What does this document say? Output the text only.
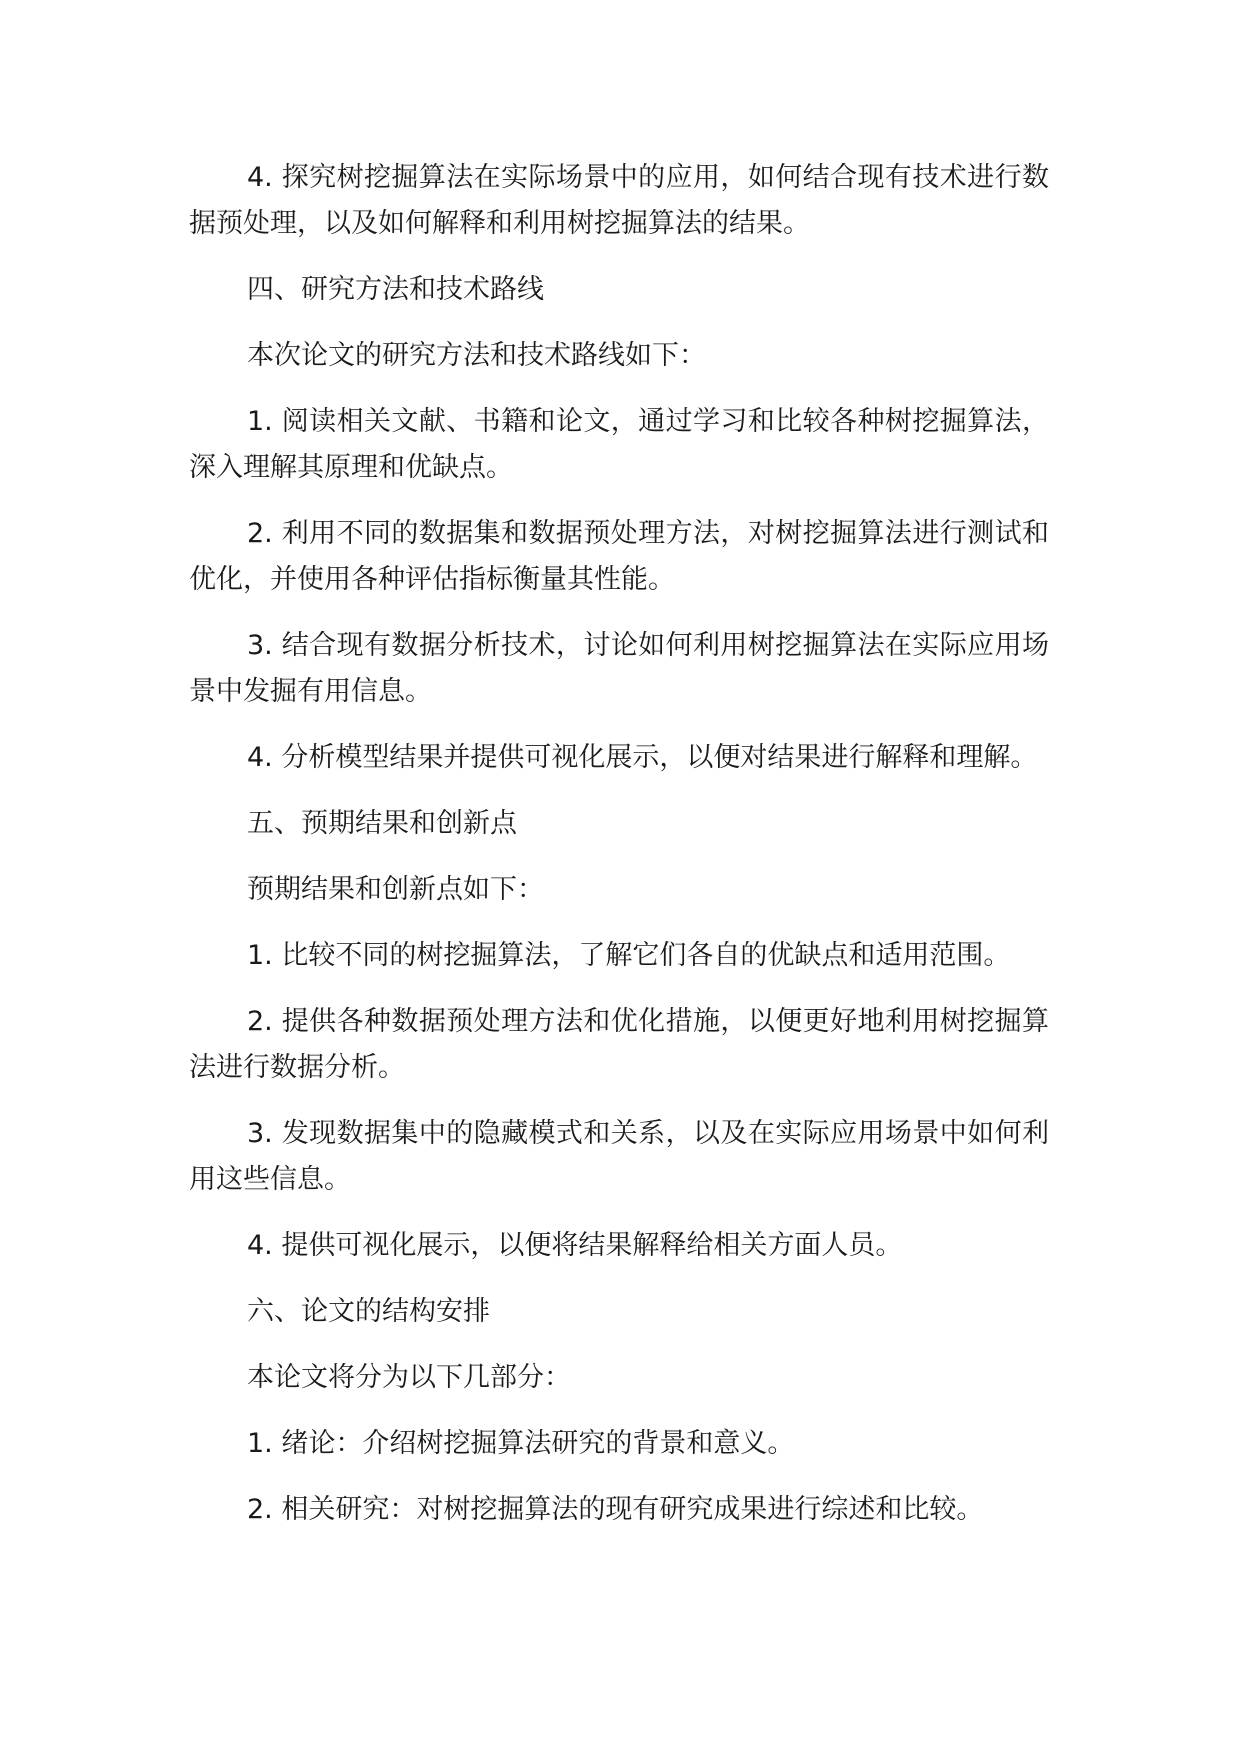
4. 探究树挖掘算法在实际场景中的应用，如何结合现有技术进行数据预处理，以及如何解释和利用树挖掘算法的结果。

四、研究方法和技术路线

本次论文的研究方法和技术路线如下：

1. 阅读相关文献、书籍和论文，通过学习和比较各种树挖掘算法，深入理解其原理和优缺点。

2. 利用不同的数据集和数据预处理方法，对树挖掘算法进行测试和优化，并使用各种评估指标衡量其性能。

3. 结合现有数据分析技术，讨论如何利用树挖掘算法在实际应用场景中发掘有用信息。

4. 分析模型结果并提供可视化展示，以便对结果进行解释和理解。

五、预期结果和创新点

预期结果和创新点如下：

1. 比较不同的树挖掘算法，了解它们各自的优缺点和适用范围。

2. 提供各种数据预处理方法和优化措施，以便更好地利用树挖掘算法进行数据分析。

3. 发现数据集中的隐藏模式和关系，以及在实际应用场景中如何利用这些信息。

4. 提供可视化展示，以便将结果解释给相关方面人员。

六、论文的结构安排

本论文将分为以下几部分：

1. 绪论：介绍树挖掘算法研究的背景和意义。

2. 相关研究：对树挖掘算法的现有研究成果进行综述和比较。
